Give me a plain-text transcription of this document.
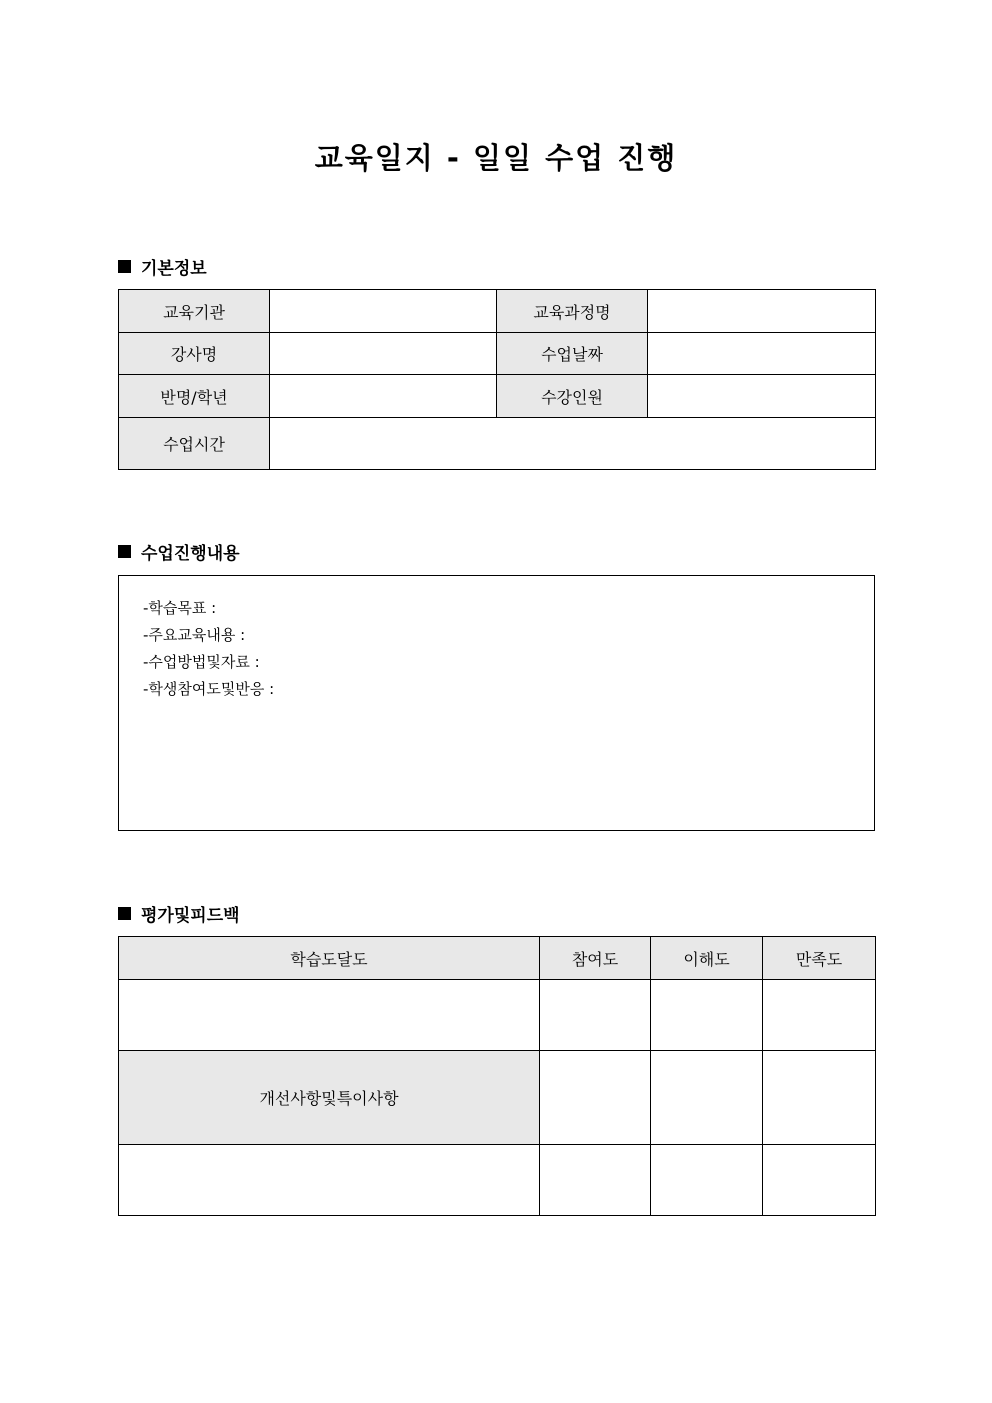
교육일지 - 일일 수업 진행
기본정보
교육기관		교육과정명	
강사명		수업날짜	
반명/학년		수강인원	
수업시간			
수업진행내용
-학습목표 :
-주요교육내용 :
-수업방법및자료 :
-학생참여도및반응 :
평가및피드백
학습도달도	참여도	이해도	만족도

개선사항및특이사항			
